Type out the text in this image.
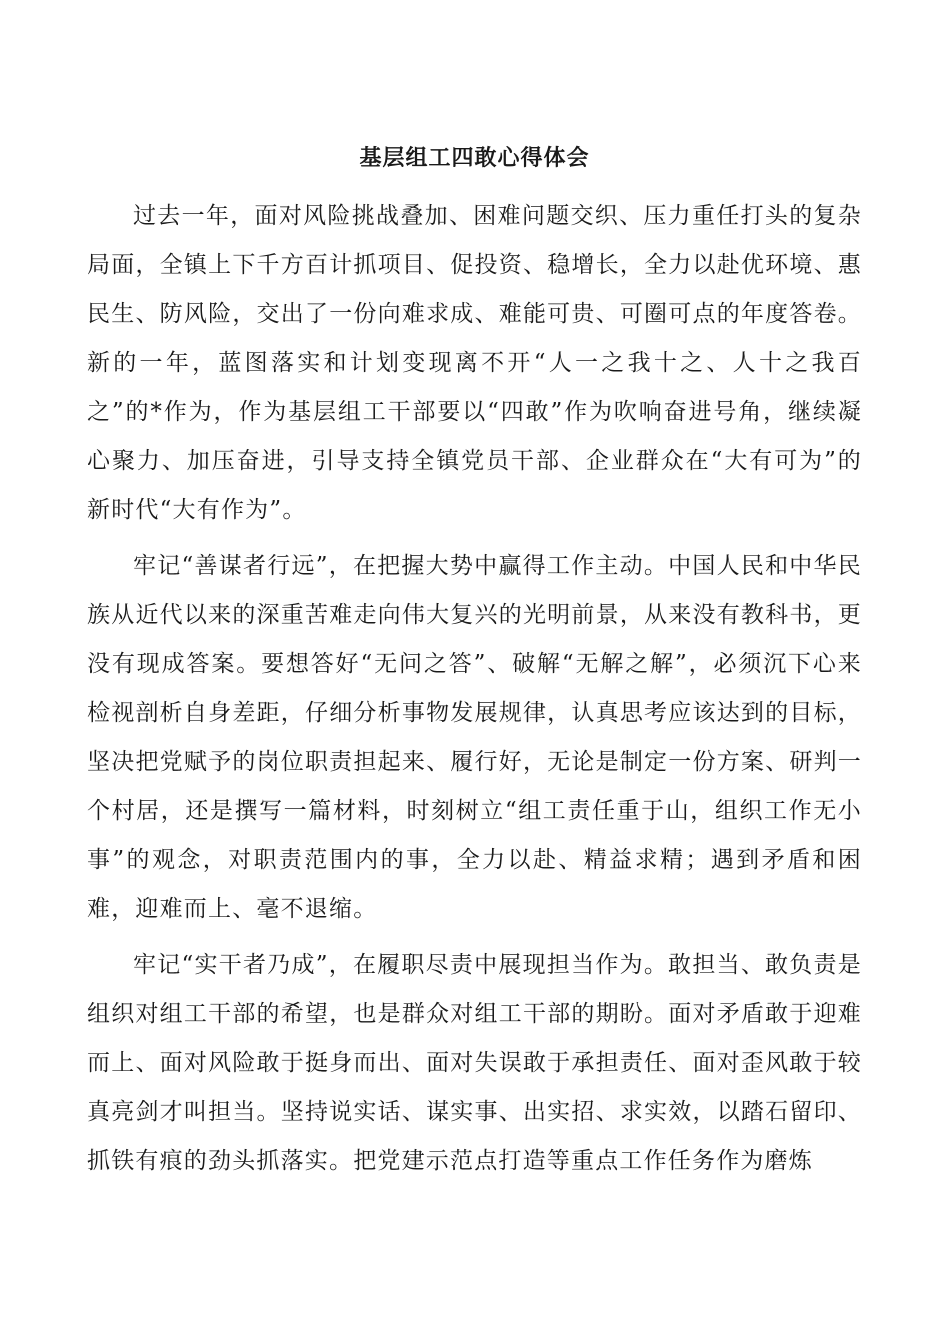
基层组工四敢心得体会

过去一年，面对风险挑战叠加、困难问题交织、压力重任打头的复杂局面，全镇上下千方百计抓项目、促投资、稳增长，全力以赴优环境、惠民生、防风险，交出了一份向难求成、难能可贵、可圈可点的年度答卷。新的一年，蓝图落实和计划变现离不开“人一之我十之、人十之我百之”的*作为，作为基层组工干部要以“四敢”作为吹响奋进号角，继续凝心聚力、加压奋进，引导支持全镇党员干部、企业群众在“大有可为”的新时代“大有作为”。

牢记“善谋者行远”，在把握大势中赢得工作主动。中国人民和中华民族从近代以来的深重苦难走向伟大复兴的光明前景，从来没有教科书，更没有现成答案。要想答好“无问之答”、破解“无解之解”，必须沉下心来检视剖析自身差距，仔细分析事物发展规律，认真思考应该达到的目标，坚决把党赋予的岗位职责担起来、履行好，无论是制定一份方案、研判一个村居，还是撰写一篇材料，时刻树立“组工责任重于山，组织工作无小事”的观念，对职责范围内的事，全力以赴、精益求精；遇到矛盾和困难，迎难而上、毫不退缩。

牢记“实干者乃成”，在履职尽责中展现担当作为。敢担当、敢负责是组织对组工干部的希望，也是群众对组工干部的期盼。面对矛盾敢于迎难而上、面对风险敢于挺身而出、面对失误敢于承担责任、面对歪风敢于较真亮剑才叫担当。坚持说实话、谋实事、出实招、求实效，以踏石留印、抓铁有痕的劲头抓落实。把党建示范点打造等重点工作任务作为磨炼
